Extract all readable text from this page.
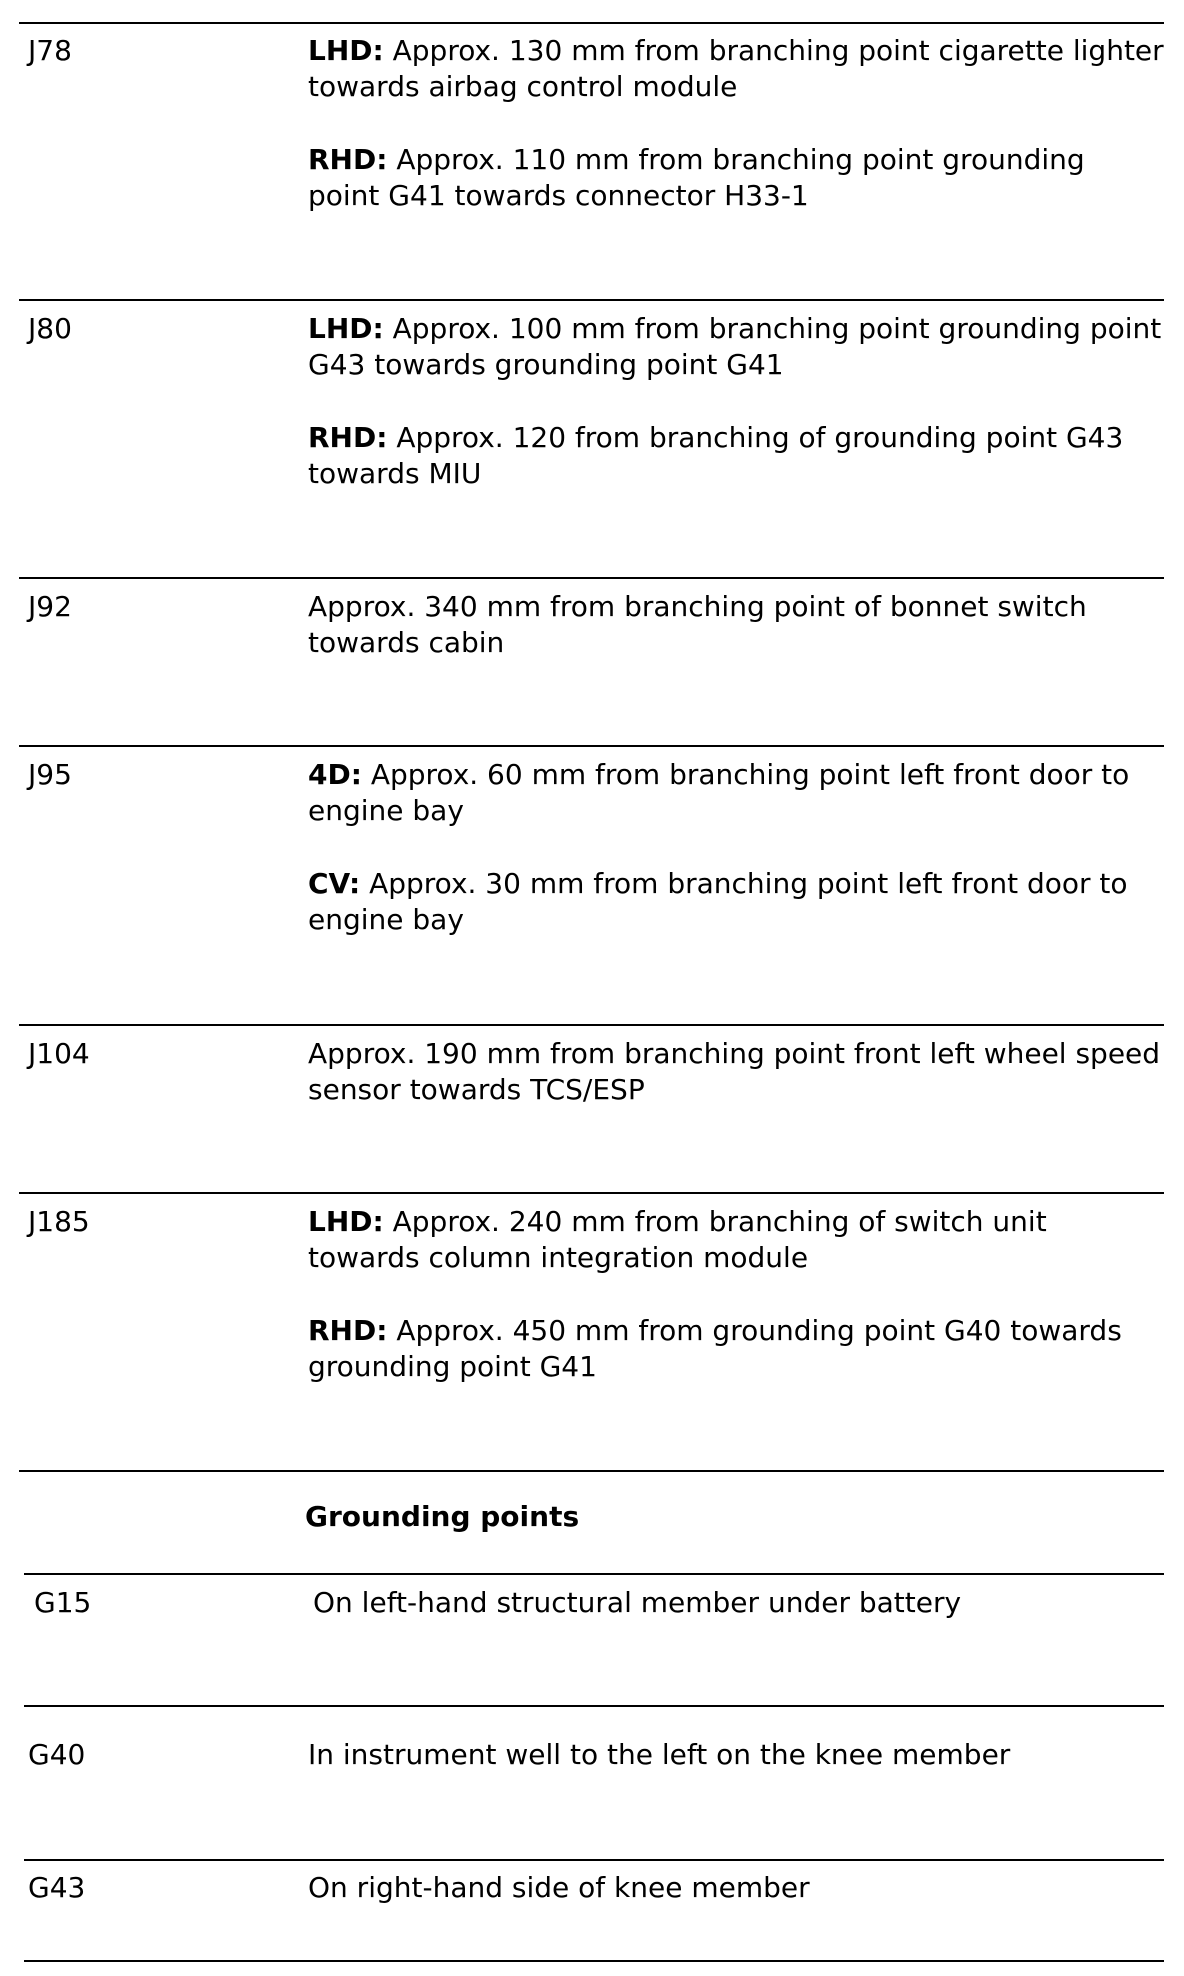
J78	LHD: Approx. 130 mm from branching point cigarette lighter towards airbag control module
RHD: Approx. 110 mm from branching point grounding point G41 towards connector H33-1
J80	LHD: Approx. 100 mm from branching point grounding point G43 towards grounding point G41
RHD: Approx. 120 from branching of grounding point G43 towards MIU
J92	Approx. 340 mm from branching point of bonnet switch towards cabin
J95	4D: Approx. 60 mm from branching point left front door to engine bay
CV: Approx. 30 mm from branching point left front door to engine bay
J104	Approx. 190 mm from branching point front left wheel speed sensor towards TCS/ESP
J185	LHD: Approx. 240 mm from branching of switch unit towards column integration module
RHD: Approx. 450 mm from grounding point G40 towards grounding point G41
Grounding points
G15	On left-hand structural member under battery
G40	In instrument well to the left on the knee member
G43	On right-hand side of knee member
